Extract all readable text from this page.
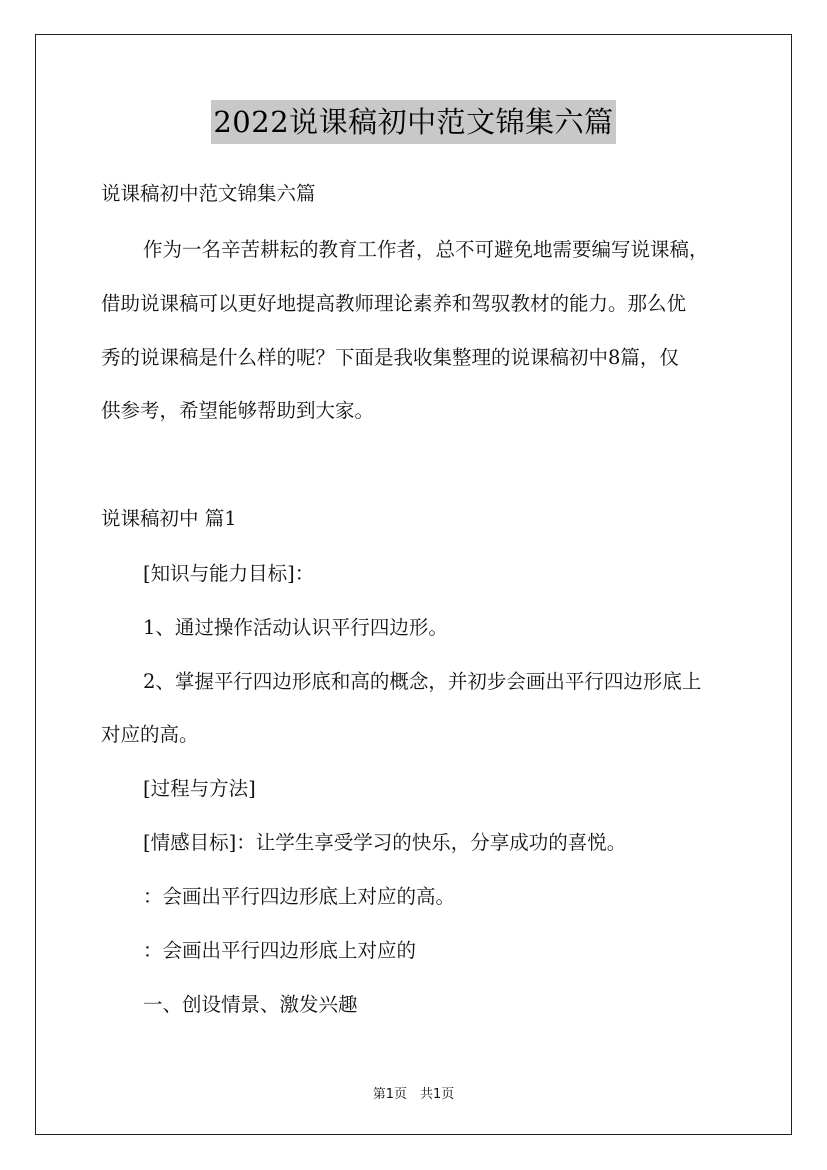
2022说课稿初中范文锦集六篇
说课稿初中范文锦集六篇
作为一名辛苦耕耘的教育工作者，总不可避免地需要编写说课稿，
借助说课稿可以更好地提高教师理论素养和驾驭教材的能力。那么优
秀的说课稿是什么样的呢？下面是我收集整理的说课稿初中8篇，仅
供参考，希望能够帮助到大家。
说课稿初中 篇1
[知识与能力目标]：
1、通过操作活动认识平行四边形。
2、掌握平行四边形底和高的概念，并初步会画出平行四边形底上
对应的高。
[过程与方法]
[情感目标]：让学生享受学习的快乐，分享成功的喜悦。
：会画出平行四边形底上对应的高。
：会画出平行四边形底上对应的
一、创设情景、激发兴趣
第1页　共1页
